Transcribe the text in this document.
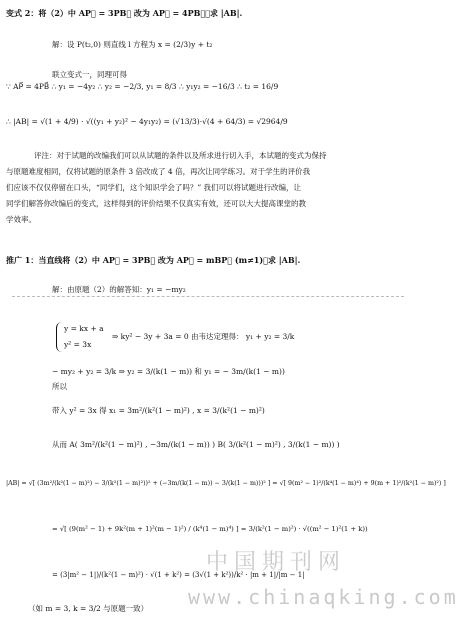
变式 2：将（2）中 AP⃗ = 3PB⃗ 改为 AP⃗ = 4PB⃗，求 |AB|.
解：设 P(t₂,0) 则直线 l 方程为 x = (2/3)y + t₂
联立变式一，同理可得
∵ AP⃗ = 4PB⃗ ∴ y₁ = −4y₂ ∴ y₂ = −2/3, y₁ = 8/3 ∴ y₁y₂ = −16/3 ∴ t₂ = 16/9
∴ |AB| = √(1 + 4/9) · √((y₁ + y₂)² − 4y₁y₂) = (√13/3)·√(4 + 64/3) = √2964/9
评注：对于试题的改编我们可以从试题的条件以及所求进行切入手，本试题的变式为保持
与原题难度相同，仅将试题的原条件 3 倍改成了 4 倍，再次让同学练习。对于学生的评价我
们应该不仅仅停留在口头，“同学们，这个知识学会了吗？” 我们可以将试题进行改编，让
同学们解答你改编后的变式，这样得到的评价结果不仅真实有效，还可以大大提高课堂的教
学效率。
推广 1：当直线将（2）中 AP⃗ = 3PB⃗ 改为 AP⃗ = mBP⃗ (m≠1)，求 |AB|.
解：由原题（2）的解答知：y₁ = −my₂
y = kx + a
y² = 3x
⇒ ky² − 3y + 3a = 0 由韦达定理得： y₁ + y₂ = 3/k
− my₂ + y₂ = 3/k ⇒ y₂ = 3/(k(1 − m)) 和 y₁ = − 3m/(k(1 − m))
所以
带入 y² = 3x 得 x₁ = 3m²/(k²(1 − m)²) , x = 3/(k²(1 − m)²)
从而 A( 3m²/(k²(1 − m)²) , −3m/(k(1 − m)) ) B( 3/(k²(1 − m)²) , 3/(k(1 − m)) )
|AB| = √[ (3m²/(k²(1 − m)²) − 3/(k²(1 − m)²))² + (−3m/(k(1 − m)) − 3/(k(1 − m)))² ] = √[ 9(m² − 1)²/(k⁴(1 − m)⁴) + 9(m + 1)²/(k²(1 − m)²) ]
= √[ (9(m² − 1) + 9k²(m + 1)²(m − 1)²) / (k⁴(1 − m)⁴) ] = 3/(k²(1 − m)²) · √((m² − 1)²(1 + k))
= (3|m² − 1|)/(k²(1 − m)²) · √(1 + k²) = (3√(1 + k²))/k² · |m + 1|/|m − 1|
（如 m = 3, k = 3/2 与原题一致）
中国期刊网
www.chinaqking.com
